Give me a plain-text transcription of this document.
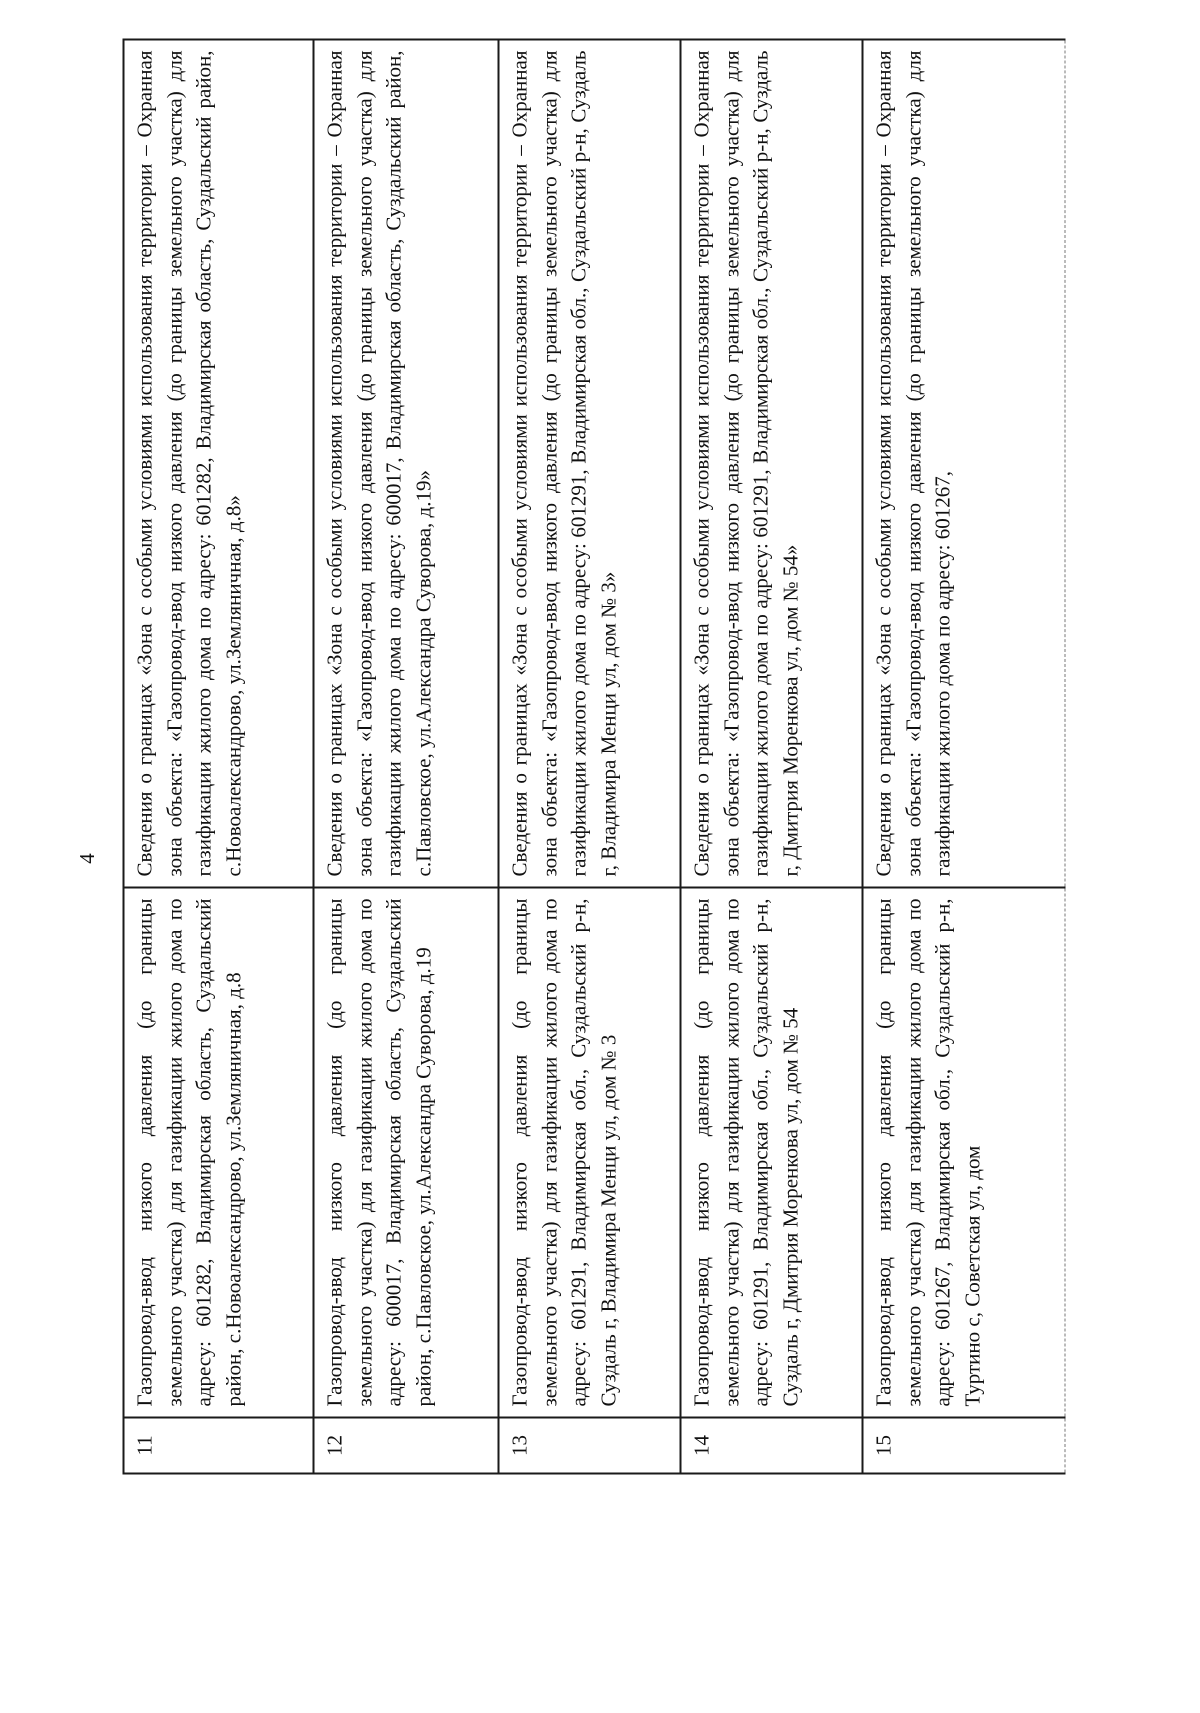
4
11	Газопровод-ввод низкого давления (до границы земельного участка) для газификации жилого дома по адресу: 601282, Владимирская область, Суздальский район, с.Новоалександрово, ул.Земляничная, д.8	Сведения о границах «Зона с особыми условиями использования территории – Охранная зона объекта: «Газопровод-ввод низкого давления (до границы земельного участка) для газификации жилого дома по адресу: 601282, Владимирская область, Суздальский район, с.Новоалександрово, ул.Земляничная, д.8»
12	Газопровод-ввод низкого давления (до границы земельного участка) для газификации жилого дома по адресу: 600017, Владимирская область, Суздальский район, с.Павловское, ул.Александра Суворова, д.19	Сведения о границах «Зона с особыми условиями использования территории – Охранная зона объекта: «Газопровод-ввод низкого давления (до границы земельного участка) для газификации жилого дома по адресу: 600017, Владимирская область, Суздальский район, с.Павловское, ул.Александра Суворова, д.19»
13	Газопровод-ввод низкого давления (до границы земельного участка) для газификации жилого дома по адресу: 601291, Владимирская обл., Суздальский р-н, Суздаль г, Владимира Менци ул, дом № 3	Сведения о границах «Зона с особыми условиями использования территории – Охранная зона объекта: «Газопровод-ввод низкого давления (до границы земельного участка) для газификации жилого дома по адресу: 601291, Владимирская обл., Суздальский р-н, Суздаль г, Владимира Менци ул, дом № 3»
14	Газопровод-ввод низкого давления (до границы земельного участка) для газификации жилого дома по адресу: 601291, Владимирская обл., Суздальский р-н, Суздаль г, Дмитрия Моренкова ул, дом № 54	Сведения о границах «Зона с особыми условиями использования территории – Охранная зона объекта: «Газопровод-ввод низкого давления (до границы земельного участка) для газификации жилого дома по адресу: 601291, Владимирская обл., Суздальский р-н, Суздаль г, Дмитрия Моренкова ул, дом № 54»
15	Газопровод-ввод низкого давления (до границы земельного участка) для газификации жилого дома по адресу: 601267, Владимирская обл., Суздальский р-н, Туртино с, Советская ул, дом	Сведения о границах «Зона с особыми условиями использования территории – Охранная зона объекта: «Газопровод-ввод низкого давления (до границы земельного участка) для газификации жилого дома по адресу: 601267,
